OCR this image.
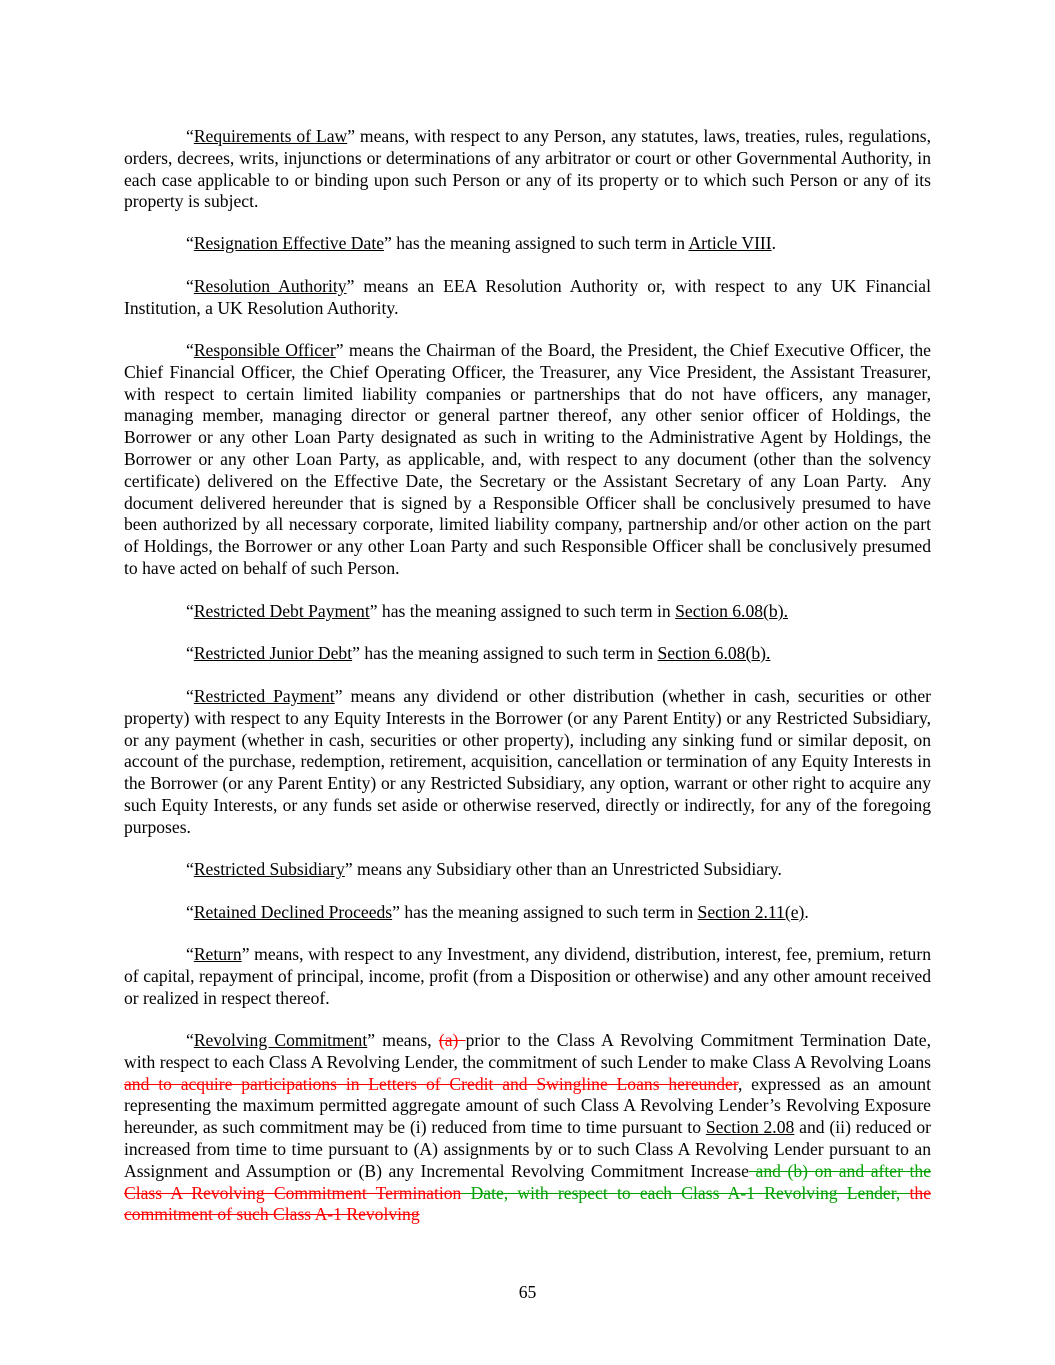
“Requirements of Law” means, with respect to any Person, any statutes, laws, treaties, rules, regulations, orders, decrees, writs, injunctions or determinations of any arbitrator or court or other Governmental Authority, in each case applicable to or binding upon such Person or any of its property or to which such Person or any of its property is subject.

“Resignation Effective Date” has the meaning assigned to such term in Article VIII.

“Resolution Authority” means an EEA Resolution Authority or, with respect to any UK Financial Institution, a UK Resolution Authority.

“Responsible Officer” means the Chairman of the Board, the President, the Chief Executive Officer, the Chief Financial Officer, the Chief Operating Officer, the Treasurer, any Vice President, the Assistant Treasurer, with respect to certain limited liability companies or partnerships that do not have officers, any manager, managing member, managing director or general partner thereof, any other senior officer of Holdings, the Borrower or any other Loan Party designated as such in writing to the Administrative Agent by Holdings, the Borrower or any other Loan Party, as applicable, and, with respect to any document (other than the solvency certificate) delivered on the Effective Date, the Secretary or the Assistant Secretary of any Loan Party.  Any document delivered hereunder that is signed by a Responsible Officer shall be conclusively presumed to have been authorized by all necessary corporate, limited liability company, partnership and/or other action on the part of Holdings, the Borrower or any other Loan Party and such Responsible Officer shall be conclusively presumed to have acted on behalf of such Person.

“Restricted Debt Payment” has the meaning assigned to such term in Section 6.08(b).

“Restricted Junior Debt” has the meaning assigned to such term in Section 6.08(b).

“Restricted Payment” means any dividend or other distribution (whether in cash, securities or other property) with respect to any Equity Interests in the Borrower (or any Parent Entity) or any Restricted Subsidiary, or any payment (whether in cash, securities or other property), including any sinking fund or similar deposit, on account of the purchase, redemption, retirement, acquisition, cancellation or termination of any Equity Interests in the Borrower (or any Parent Entity) or any Restricted Subsidiary, any option, warrant or other right to acquire any such Equity Interests, or any funds set aside or otherwise reserved, directly or indirectly, for any of the foregoing purposes.

“Restricted Subsidiary” means any Subsidiary other than an Unrestricted Subsidiary.

“Retained Declined Proceeds” has the meaning assigned to such term in Section 2.11(e).

“Return” means, with respect to any Investment, any dividend, distribution, interest, fee, premium, return of capital, repayment of principal, income, profit (from a Disposition or otherwise) and any other amount received or realized in respect thereof.

“Revolving Commitment” means, (a) prior to the Class A Revolving Commitment Termination Date, with respect to each Class A Revolving Lender, the commitment of such Lender to make Class A Revolving Loans and to acquire participations in Letters of Credit and Swingline Loans hereunder, expressed as an amount representing the maximum permitted aggregate amount of such Class A Revolving Lender’s Revolving Exposure hereunder, as such commitment may be (i) reduced from time to time pursuant to Section 2.08 and (ii) reduced or increased from time to time pursuant to (A) assignments by or to such Class A Revolving Lender pursuant to an Assignment and Assumption or (B) any Incremental Revolving Commitment Increase and (b) on and after the Class A Revolving Commitment Termination Date, with respect to each Class A-1 Revolving Lender, the commitment of such Class A-1 Revolving

65
